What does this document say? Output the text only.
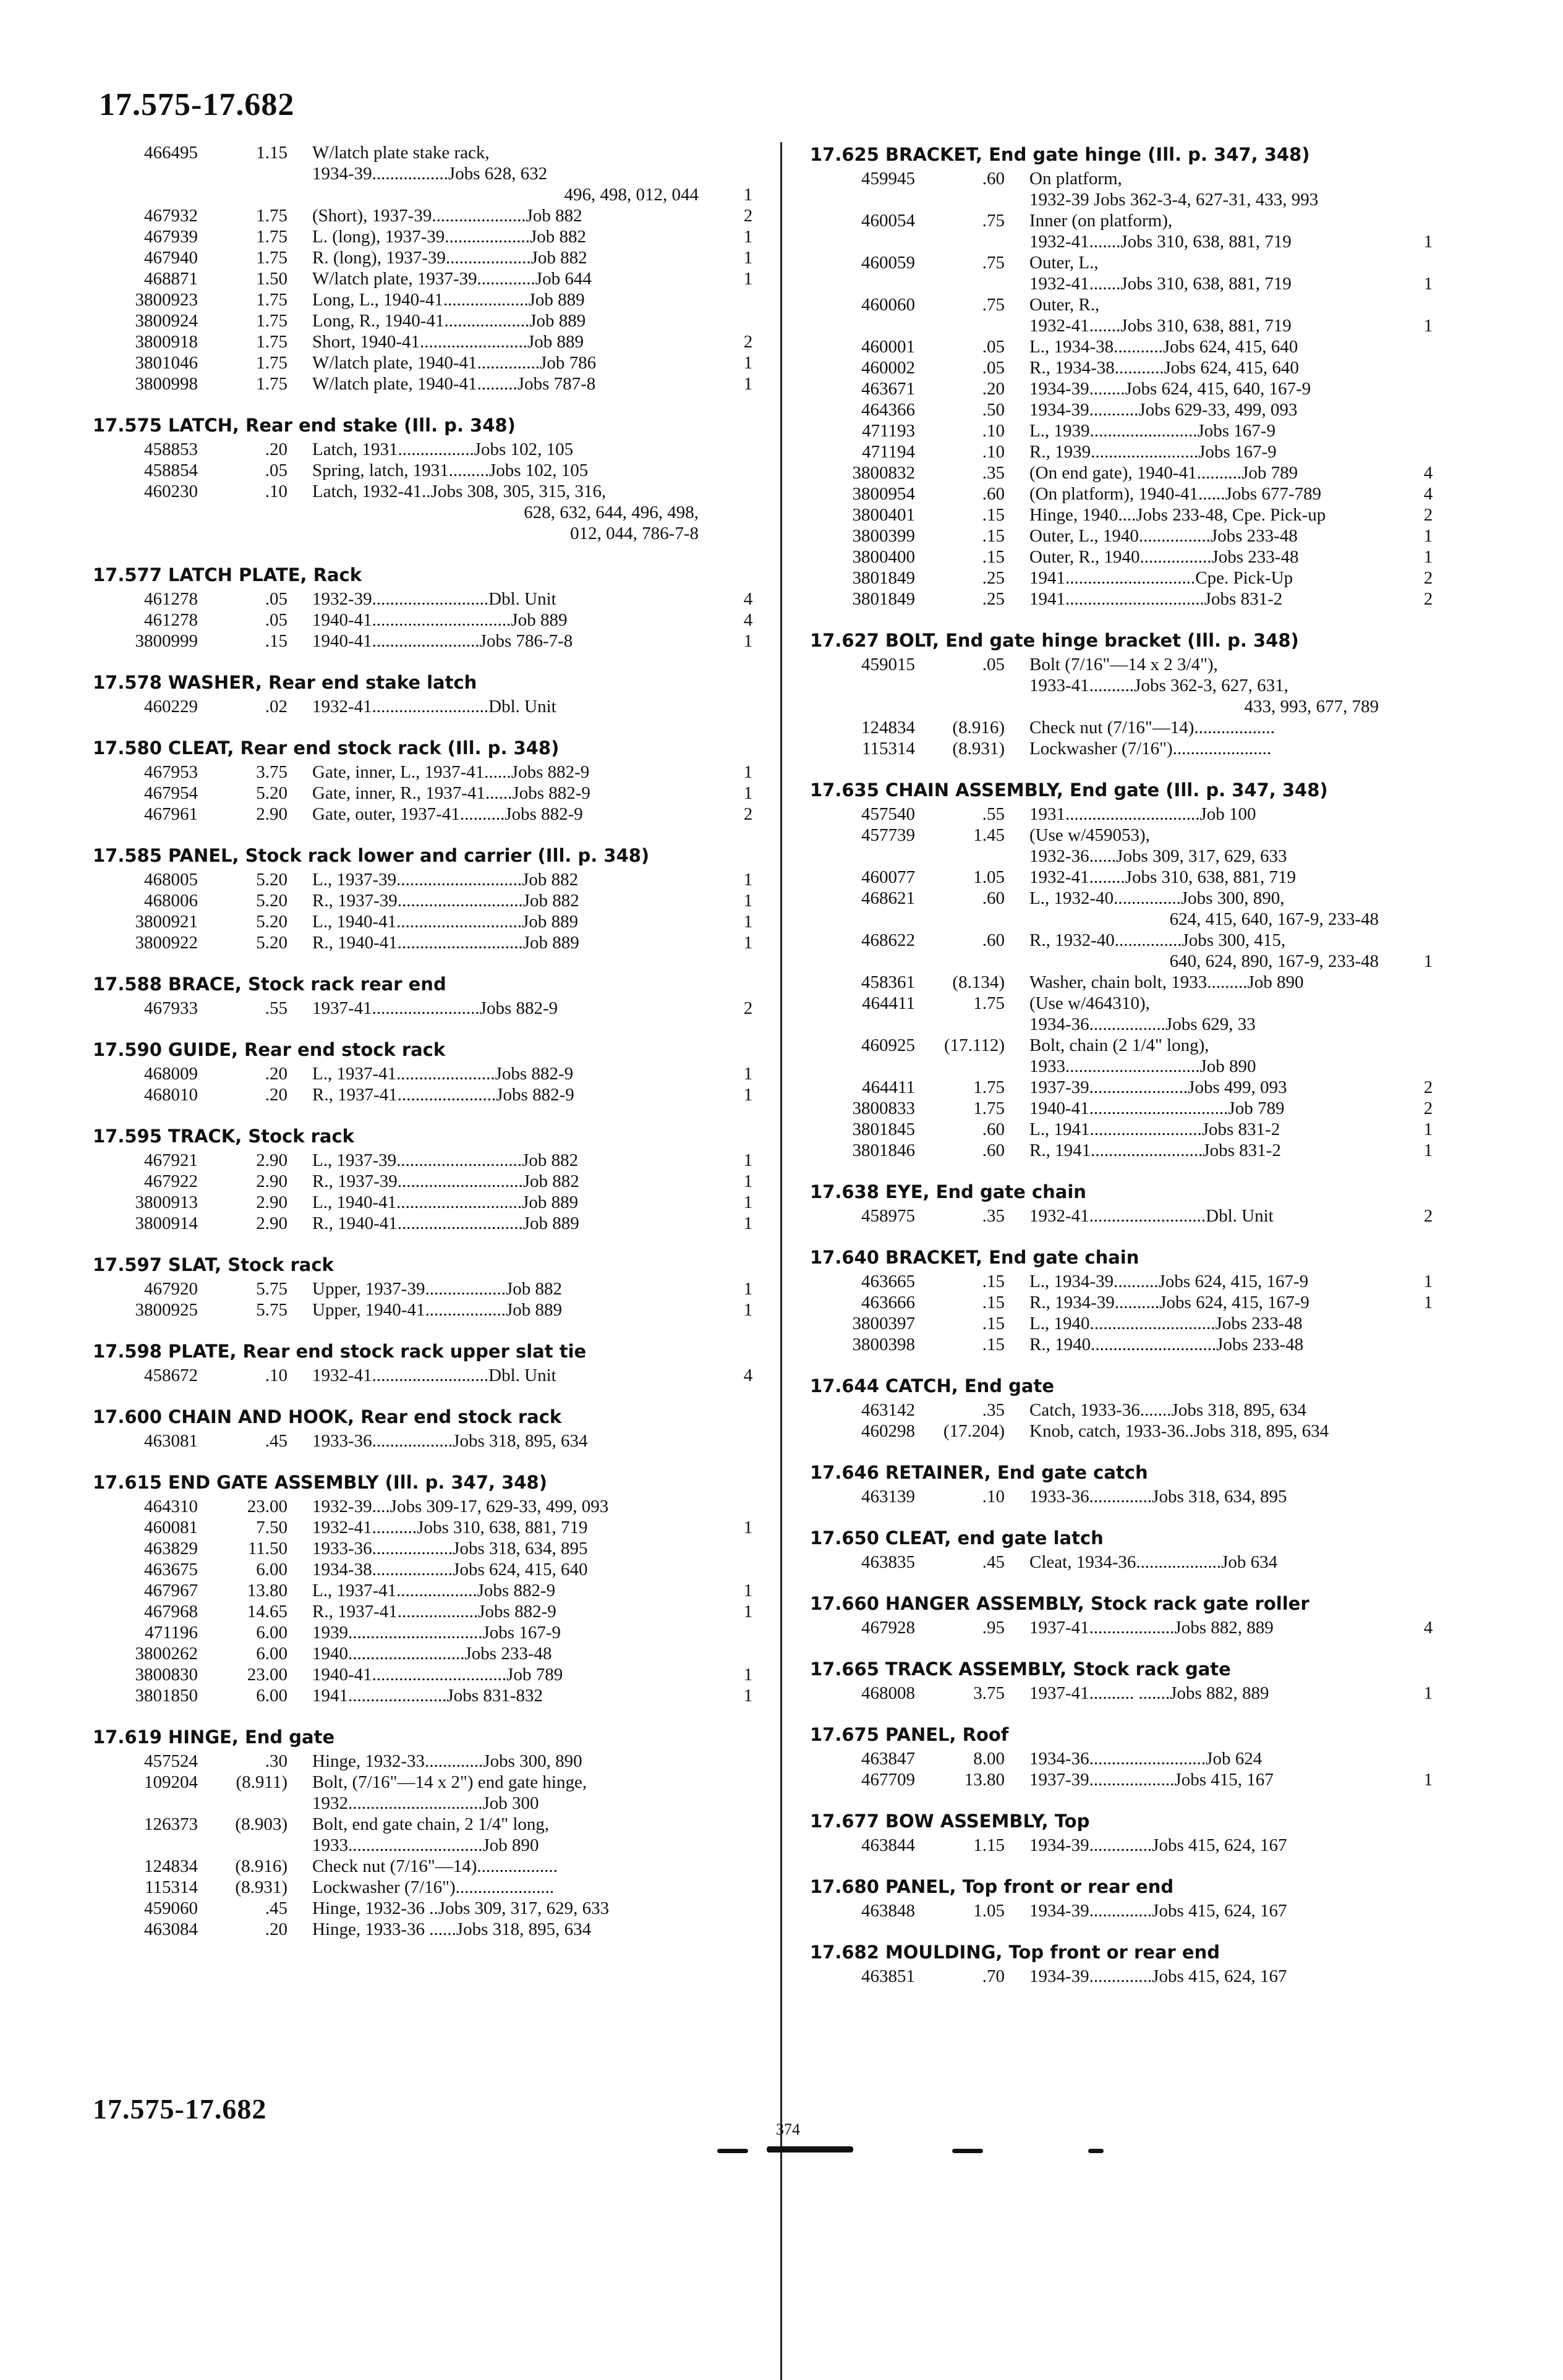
17.575-17.682
466495	1.15 W/latch plate stake rack,
1934-39.................Jobs 628, 632
496, 498, 012, 044	1
467932	1.75 (Short), 1937-39.....................Job 882	2
467939	1.75 L. (long), 1937-39...................Job 882	1
467940	1.75 R. (long), 1937-39...................Job 882	1
468871	1.50 W/latch plate, 1937-39.............Job 644	1
3800923	1.75 Long, L., 1940-41...................Job 889
3800924	1.75 Long, R., 1940-41...................Job 889
3800918	1.75 Short, 1940-41........................Job 889	2
3801046	1.75 W/latch plate, 1940-41..............Job 786	1
3800998	1.75 W/latch plate, 1940-41.........Jobs 787-8	1
17.575 LATCH, Rear end stake (Ill. p. 348)
458853	.20 Latch, 1931.................Jobs 102, 105
458854	.05 Spring, latch, 1931.........Jobs 102, 105
460230	.10 Latch, 1932-41..Jobs 308, 305, 315, 316,
628, 632, 644, 496, 498,
012, 044, 786-7-8
17.577 LATCH PLATE, Rack
461278	.05 1932-39..........................Dbl. Unit	4
461278	.05 1940-41...............................Job 889	4
3800999	.15 1940-41........................Jobs 786-7-8	1
17.578 WASHER, Rear end stake latch
460229	.02 1932-41..........................Dbl. Unit
17.580 CLEAT, Rear end stock rack (Ill. p. 348)
467953	3.75 Gate, inner, L., 1937-41......Jobs 882-9	1
467954	5.20 Gate, inner, R., 1937-41......Jobs 882-9	1
467961	2.90 Gate, outer, 1937-41..........Jobs 882-9	2
17.585 PANEL, Stock rack lower and carrier (Ill. p. 348)
468005	5.20 L., 1937-39............................Job 882	1
468006	5.20 R., 1937-39............................Job 882	1
3800921	5.20 L., 1940-41............................Job 889	1
3800922	5.20 R., 1940-41............................Job 889	1
17.588 BRACE, Stock rack rear end
467933	.55 1937-41........................Jobs 882-9	2
17.590 GUIDE, Rear end stock rack
468009	.20 L., 1937-41......................Jobs 882-9	1
468010	.20 R., 1937-41......................Jobs 882-9	1
17.595 TRACK, Stock rack
467921	2.90 L., 1937-39............................Job 882	1
467922	2.90 R., 1937-39............................Job 882	1
3800913	2.90 L., 1940-41............................Job 889	1
3800914	2.90 R., 1940-41............................Job 889	1
17.597 SLAT, Stock rack
467920	5.75 Upper, 1937-39..................Job 882	1
3800925	5.75 Upper, 1940-41..................Job 889	1
17.598 PLATE, Rear end stock rack upper slat tie
458672	.10 1932-41..........................Dbl. Unit	4
17.600 CHAIN AND HOOK, Rear end stock rack
463081	.45 1933-36..................Jobs 318, 895, 634
17.615 END GATE ASSEMBLY (Ill. p. 347, 348)
464310	23.00 1932-39....Jobs 309-17, 629-33, 499, 093
460081	7.50 1932-41..........Jobs 310, 638, 881, 719	1
463829	11.50 1933-36..................Jobs 318, 634, 895
463675	6.00 1934-38..................Jobs 624, 415, 640
467967	13.80 L., 1937-41..................Jobs 882-9	1
467968	14.65 R., 1937-41..................Jobs 882-9	1
471196	6.00 1939..............................Jobs 167-9
3800262	6.00 1940..........................Jobs 233-48
3800830	23.00 1940-41..............................Job 789	1
3801850	6.00 1941......................Jobs 831-832	1
17.619 HINGE, End gate
457524	.30 Hinge, 1932-33.............Jobs 300, 890
109204	(8.911) Bolt, (7/16"—14 x 2") end gate hinge,
1932..............................Job 300
126373	(8.903) Bolt, end gate chain, 2 1/4" long,
1933..............................Job 890
124834	(8.916) Check nut (7/16"—14)..................
115314	(8.931) Lockwasher (7/16")......................
459060	.45 Hinge, 1932-36 ..Jobs 309, 317, 629, 633
463084	.20 Hinge, 1933-36 ......Jobs 318, 895, 634
17.625 BRACKET, End gate hinge (Ill. p. 347, 348)
459945	.60 On platform,
1932-39 Jobs 362-3-4, 627-31, 433, 993
460054	.75 Inner (on platform),
1932-41.......Jobs 310, 638, 881, 719	1
460059	.75 Outer, L.,
1932-41.......Jobs 310, 638, 881, 719	1
460060	.75 Outer, R.,
1932-41.......Jobs 310, 638, 881, 719	1
460001	.05 L., 1934-38...........Jobs 624, 415, 640
460002	.05 R., 1934-38...........Jobs 624, 415, 640
463671	.20 1934-39........Jobs 624, 415, 640, 167-9
464366	.50 1934-39...........Jobs 629-33, 499, 093
471193	.10 L., 1939........................Jobs 167-9
471194	.10 R., 1939........................Jobs 167-9
3800832	.35 (On end gate), 1940-41..........Job 789	4
3800954	.60 (On platform), 1940-41......Jobs 677-789	4
3800401	.15 Hinge, 1940....Jobs 233-48, Cpe. Pick-up	2
3800399	.15 Outer, L., 1940................Jobs 233-48	1
3800400	.15 Outer, R., 1940................Jobs 233-48	1
3801849	.25 1941.............................Cpe. Pick-Up	2
3801849	.25 1941...............................Jobs 831-2	2
17.627 BOLT, End gate hinge bracket (Ill. p. 348)
459015	.05 Bolt (7/16"—14 x 2 3/4"),
1933-41..........Jobs 362-3, 627, 631,
433, 993, 677, 789
124834	(8.916) Check nut (7/16"—14)..................
115314	(8.931) Lockwasher (7/16")......................
17.635 CHAIN ASSEMBLY, End gate (Ill. p. 347, 348)
457540	.55 1931..............................Job 100
457739	1.45 (Use w/459053),
1932-36......Jobs 309, 317, 629, 633
460077	1.05 1932-41........Jobs 310, 638, 881, 719
468621	.60 L., 1932-40...............Jobs 300, 890,
624, 415, 640, 167-9, 233-48
468622	.60 R., 1932-40...............Jobs 300, 415,
640, 624, 890, 167-9, 233-48	1
458361	(8.134) Washer, chain bolt, 1933.........Job 890
464411	1.75 (Use w/464310),
1934-36.................Jobs 629, 33
460925	(17.112) Bolt, chain (2 1/4" long),
1933..............................Job 890
464411	1.75 1937-39......................Jobs 499, 093	2
3800833	1.75 1940-41...............................Job 789	2
3801845	.60 L., 1941.........................Jobs 831-2	1
3801846	.60 R., 1941.........................Jobs 831-2	1
17.638 EYE, End gate chain
458975	.35 1932-41..........................Dbl. Unit	2
17.640 BRACKET, End gate chain
463665	.15 L., 1934-39..........Jobs 624, 415, 167-9	1
463666	.15 R., 1934-39..........Jobs 624, 415, 167-9	1
3800397	.15 L., 1940............................Jobs 233-48
3800398	.15 R., 1940............................Jobs 233-48
17.644 CATCH, End gate
463142	.35 Catch, 1933-36.......Jobs 318, 895, 634
460298	(17.204) Knob, catch, 1933-36..Jobs 318, 895, 634
17.646 RETAINER, End gate catch
463139	.10 1933-36..............Jobs 318, 634, 895
17.650 CLEAT, end gate latch
463835	.45 Cleat, 1934-36...................Job 634
17.660 HANGER ASSEMBLY, Stock rack gate roller
467928	.95 1937-41...................Jobs 882, 889	4
17.665 TRACK ASSEMBLY, Stock rack gate
468008	3.75 1937-41.......... .......Jobs 882, 889	1
17.675 PANEL, Roof
463847	8.00 1934-36..........................Job 624
467709	13.80 1937-39...................Jobs 415, 167	1
17.677 BOW ASSEMBLY, Top
463844	1.15 1934-39..............Jobs 415, 624, 167
17.680 PANEL, Top front or rear end
463848	1.05 1934-39..............Jobs 415, 624, 167
17.682 MOULDING, Top front or rear end
463851	.70 1934-39..............Jobs 415, 624, 167
17.575-17.682
374
